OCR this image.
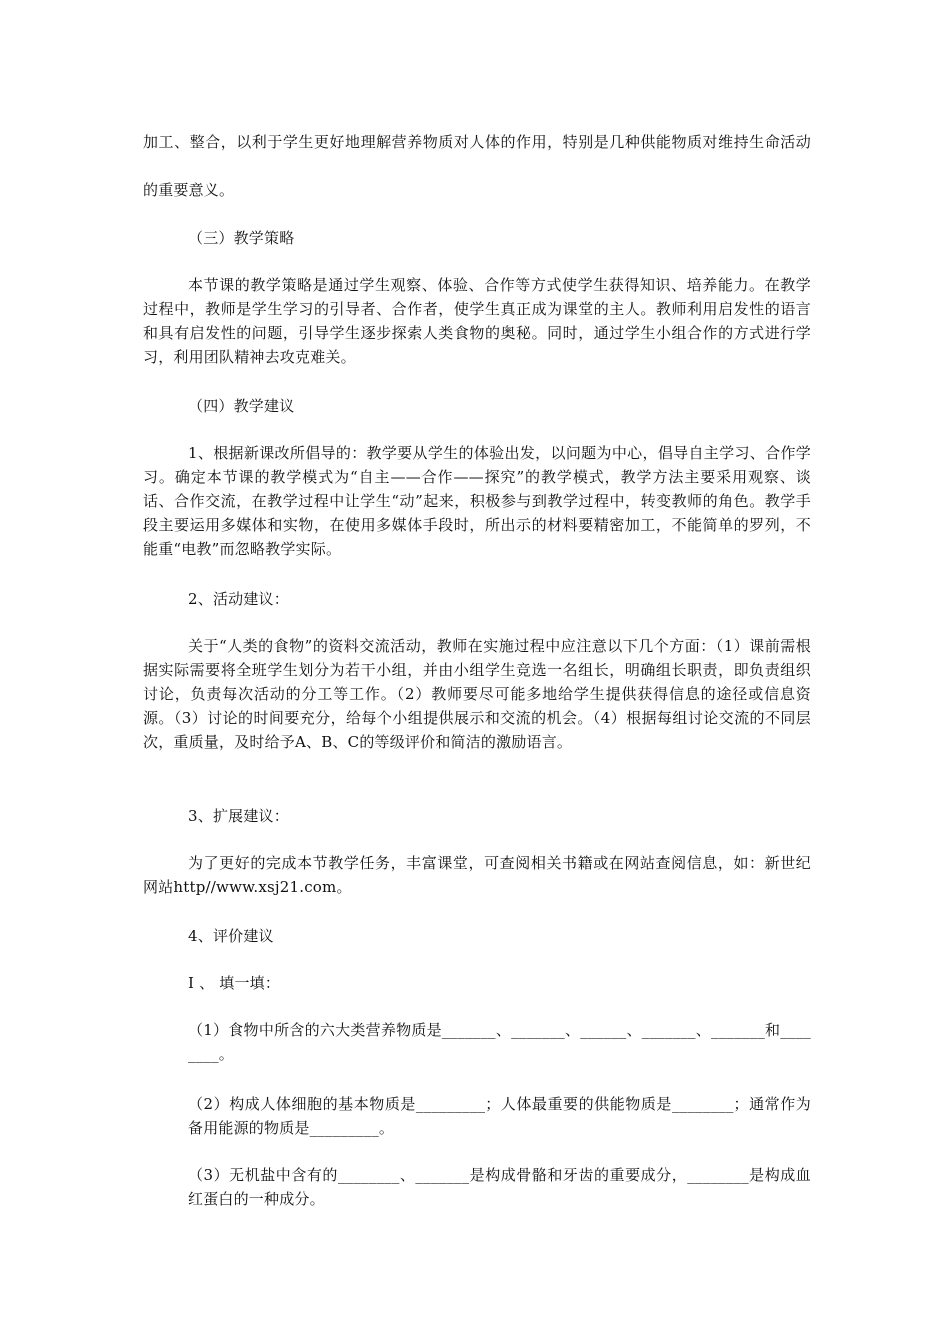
加工、整合，以利于学生更好地理解营养物质对人体的作用，特别是几种供能物质对维持生命活动的重要意义。

（三）教学策略

本节课的教学策略是通过学生观察、体验、合作等方式使学生获得知识、培养能力。在教学过程中，教师是学生学习的引导者、合作者，使学生真正成为课堂的主人。教师利用启发性的语言和具有启发性的问题，引导学生逐步探索人类食物的奥秘。同时，通过学生小组合作的方式进行学习，利用团队精神去攻克难关。

（四）教学建议

1、根据新课改所倡导的：教学要从学生的体验出发，以问题为中心，倡导自主学习、合作学习。确定本节课的教学模式为“自主——合作——探究”的教学模式，教学方法主要采用观察、谈话、合作交流，在教学过程中让学生“动”起来，积极参与到教学过程中，转变教师的角色。教学手段主要运用多媒体和实物，在使用多媒体手段时，所出示的材料要精密加工，不能简单的罗列，不能重“电教”而忽略教学实际。

2、活动建议：

关于“人类的食物”的资料交流活动，教师在实施过程中应注意以下几个方面：（1）课前需根据实际需要将全班学生划分为若干小组，并由小组学生竞选一名组长，明确组长职责，即负责组织讨论，负责每次活动的分工等工作。（2）教师要尽可能多地给学生提供获得信息的途径或信息资源。（3）讨论的时间要充分，给每个小组提供展示和交流的机会。（4）根据每组讨论交流的不同层次，重质量，及时给予A、B、C的等级评价和简洁的激励语言。

3、扩展建议：

为了更好的完成本节教学任务，丰富课堂，可查阅相关书籍或在网站查阅信息，如：新世纪网站http//www.xsj21.com。

4、评价建议

Ⅰ 、 填一填：

（1）食物中所含的六大类营养物质是_______、_______、______、_______、_______和________。

（2）构成人体细胞的基本物质是_________；人体最重要的供能物质是________；通常作为备用能源的物质是_________。

（3）无机盐中含有的________、_______是构成骨骼和牙齿的重要成分，________是构成血红蛋白的一种成分。
